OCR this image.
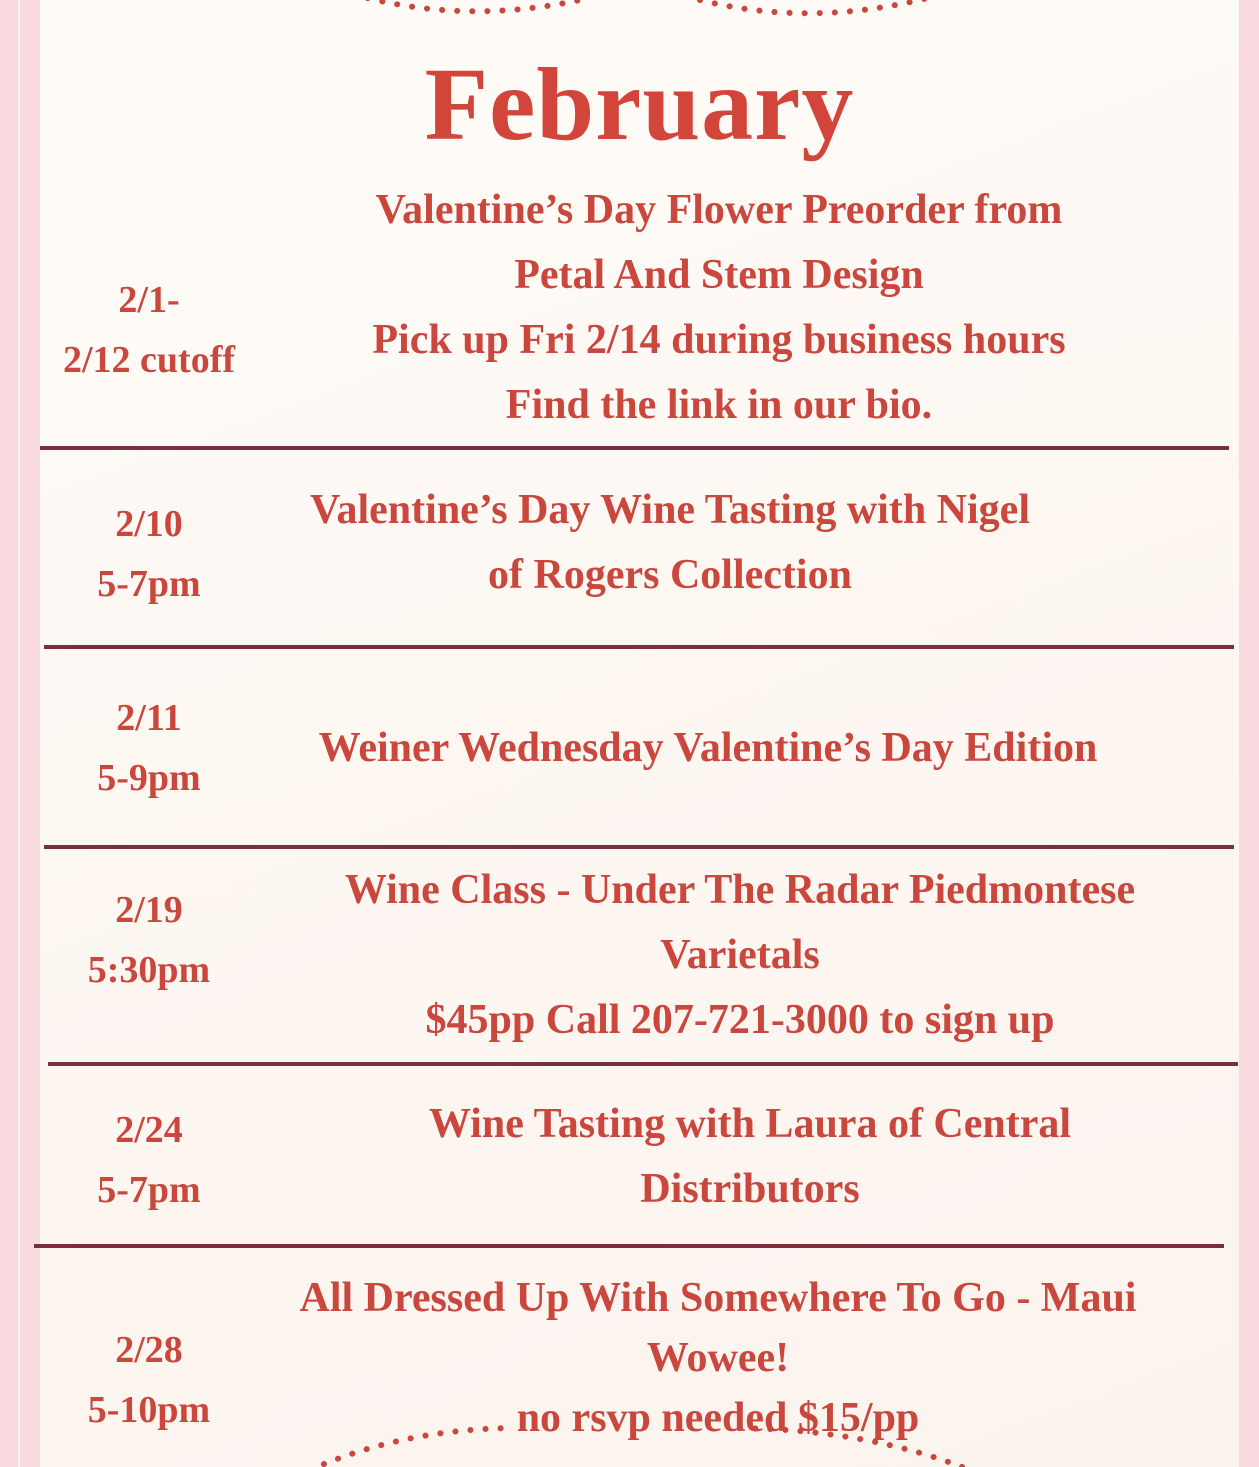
February
2/1-
2/12 cutoff
Valentine’s Day Flower Preorder from
Petal And Stem Design
Pick up Fri 2/14 during business hours
Find the link in our bio.
2/10
5-7pm
Valentine’s Day Wine Tasting with Nigel
of Rogers Collection
2/11
5-9pm
Weiner Wednesday Valentine’s Day Edition
2/19
5:30pm
Wine Class - Under The Radar Piedmontese
Varietals
$45pp Call 207-721-3000 to sign up
2/24
5-7pm
Wine Tasting with Laura of Central
Distributors
2/28
5-10pm
All Dressed Up With Somewhere To Go - Maui
Wowee!
no rsvp needed $15/pp
